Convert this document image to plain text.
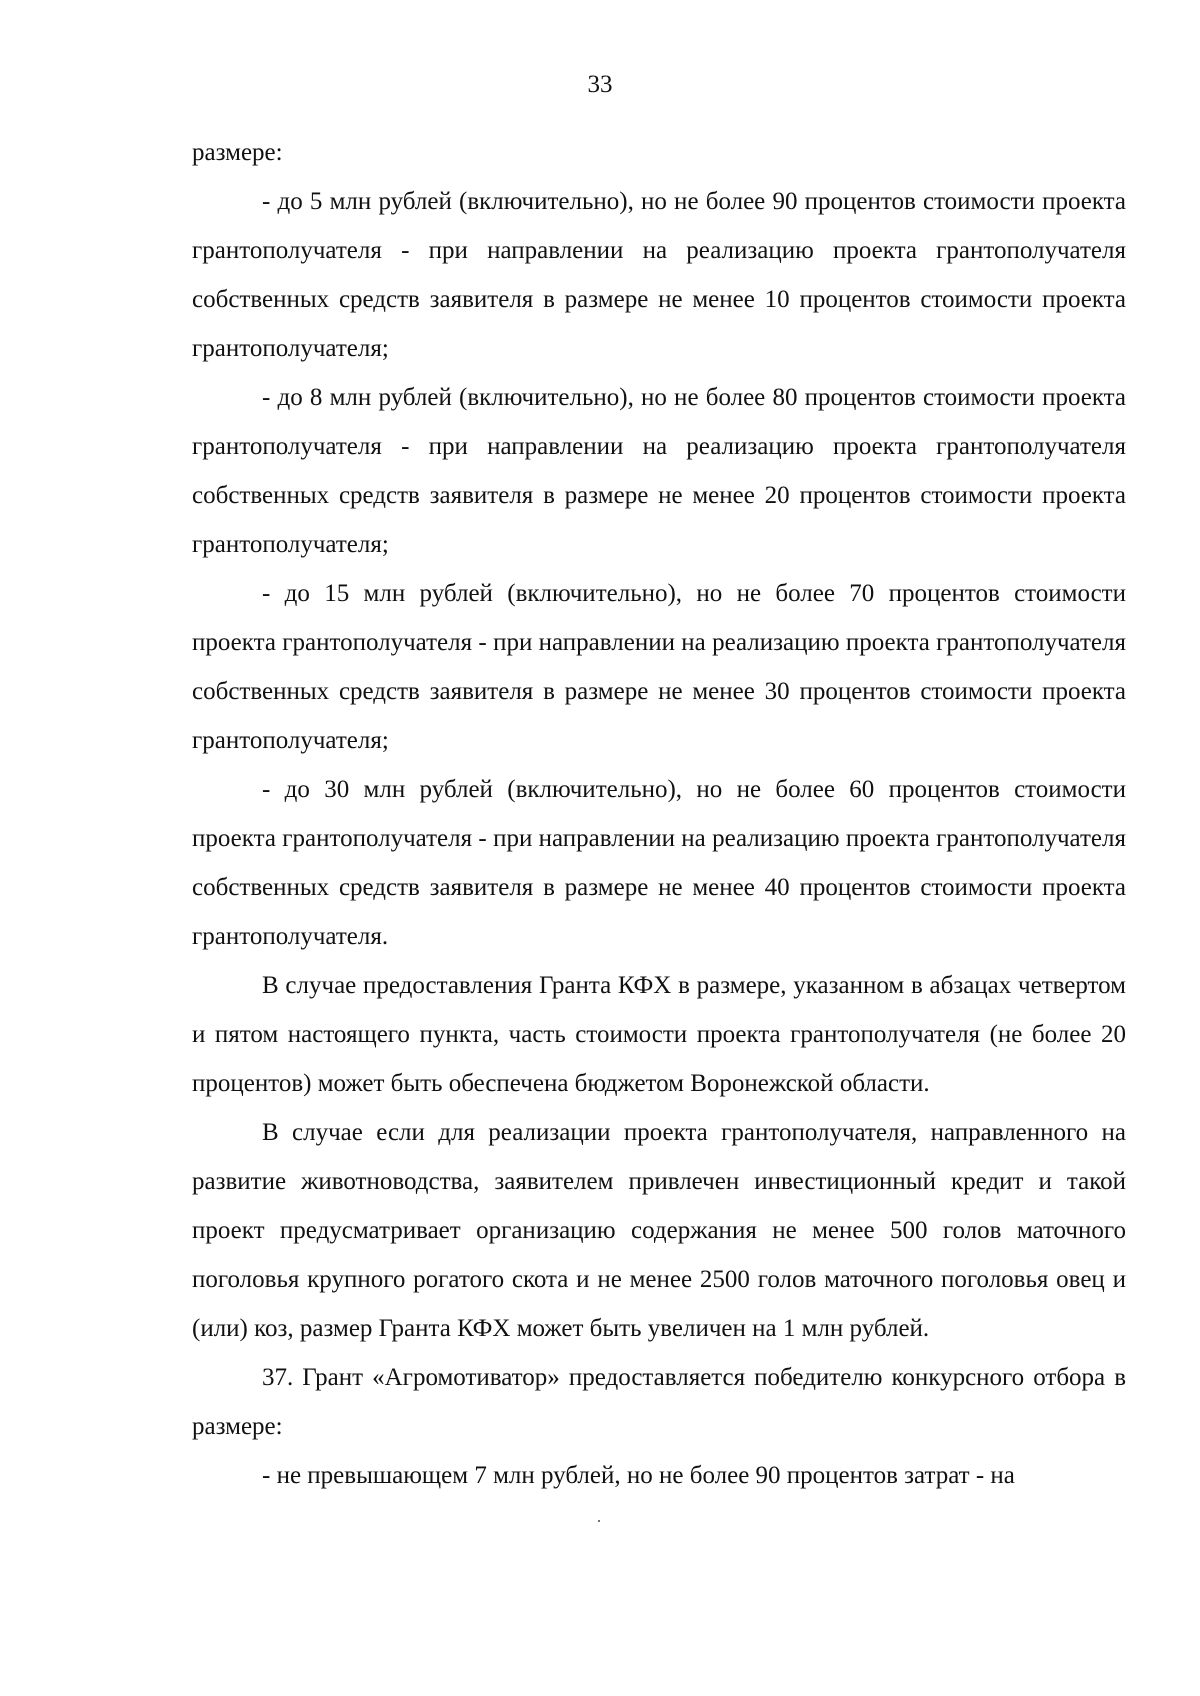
33

размере:

- до 5 млн рублей (включительно), но не более 90 процентов стоимости проекта грантополучателя - при направлении на реализацию проекта грантополучателя собственных средств заявителя в размере не менее 10 процентов стоимости проекта грантополучателя;

- до 8 млн рублей (включительно), но не более 80 процентов стоимости проекта грантополучателя - при направлении на реализацию проекта грантополучателя собственных средств заявителя в размере не менее 20 процентов стоимости проекта грантополучателя;

- до 15 млн рублей (включительно), но не более 70 процентов стоимости проекта грантополучателя - при направлении на реализацию проекта грантополучателя собственных средств заявителя в размере не менее 30 процентов стоимости проекта грантополучателя;

- до 30 млн рублей (включительно), но не более 60 процентов стоимости проекта грантополучателя - при направлении на реализацию проекта грантополучателя собственных средств заявителя в размере не менее 40 процентов стоимости проекта грантополучателя.

В случае предоставления Гранта КФХ в размере, указанном в абзацах четвертом и пятом настоящего пункта, часть стоимости проекта грантополучателя (не более 20 процентов) может быть обеспечена бюджетом Воронежской области.

В случае если для реализации проекта грантополучателя, направленного на развитие животноводства, заявителем привлечен инвестиционный кредит и такой проект предусматривает организацию содержания не менее 500 голов маточного поголовья крупного рогатого скота и не менее 2500 голов маточного поголовья овец и (или) коз, размер Гранта КФХ может быть увеличен на 1 млн рублей.

37. Грант «Агромотиватор» предоставляется победителю конкурсного отбора в размере:

- не превышающем 7 млн рублей, но не более 90 процентов затрат - на
